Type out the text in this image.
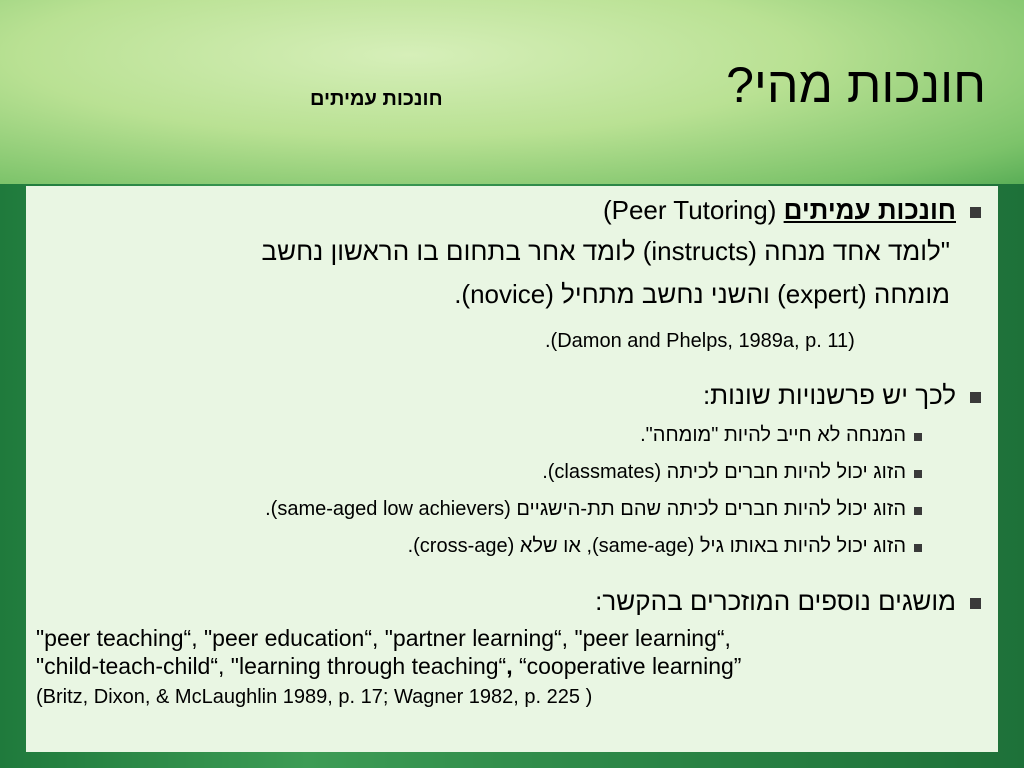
חונכות מהי?
חונכות עמיתים
חונכות עמיתים (Peer Tutoring)
"לומד אחד מנחה (instructs) לומד אחר בתחום בו הראשון נחשב
מומחה (expert) והשני נחשב מתחיל (novice).
.(Damon and Phelps, 1989a, p. 11)
לכך יש פרשנויות שונות:
המנחה לא חייב להיות "מומחה".
הזוג יכול להיות חברים לכיתה (classmates).
הזוג יכול להיות חברים לכיתה שהם תת-הישגיים (same-aged low achievers).
הזוג יכול להיות באותו גיל (same-age), או שלא (cross-age).
מושגים נוספים המוזכרים בהקשר:
"peer teaching“, "peer education“, "partner learning“, "peer learning“,
"child-teach-child“, "learning through teaching“, “cooperative learning”
(Britz, Dixon, & McLaughlin 1989, p. 17; Wagner 1982, p. 225 )
